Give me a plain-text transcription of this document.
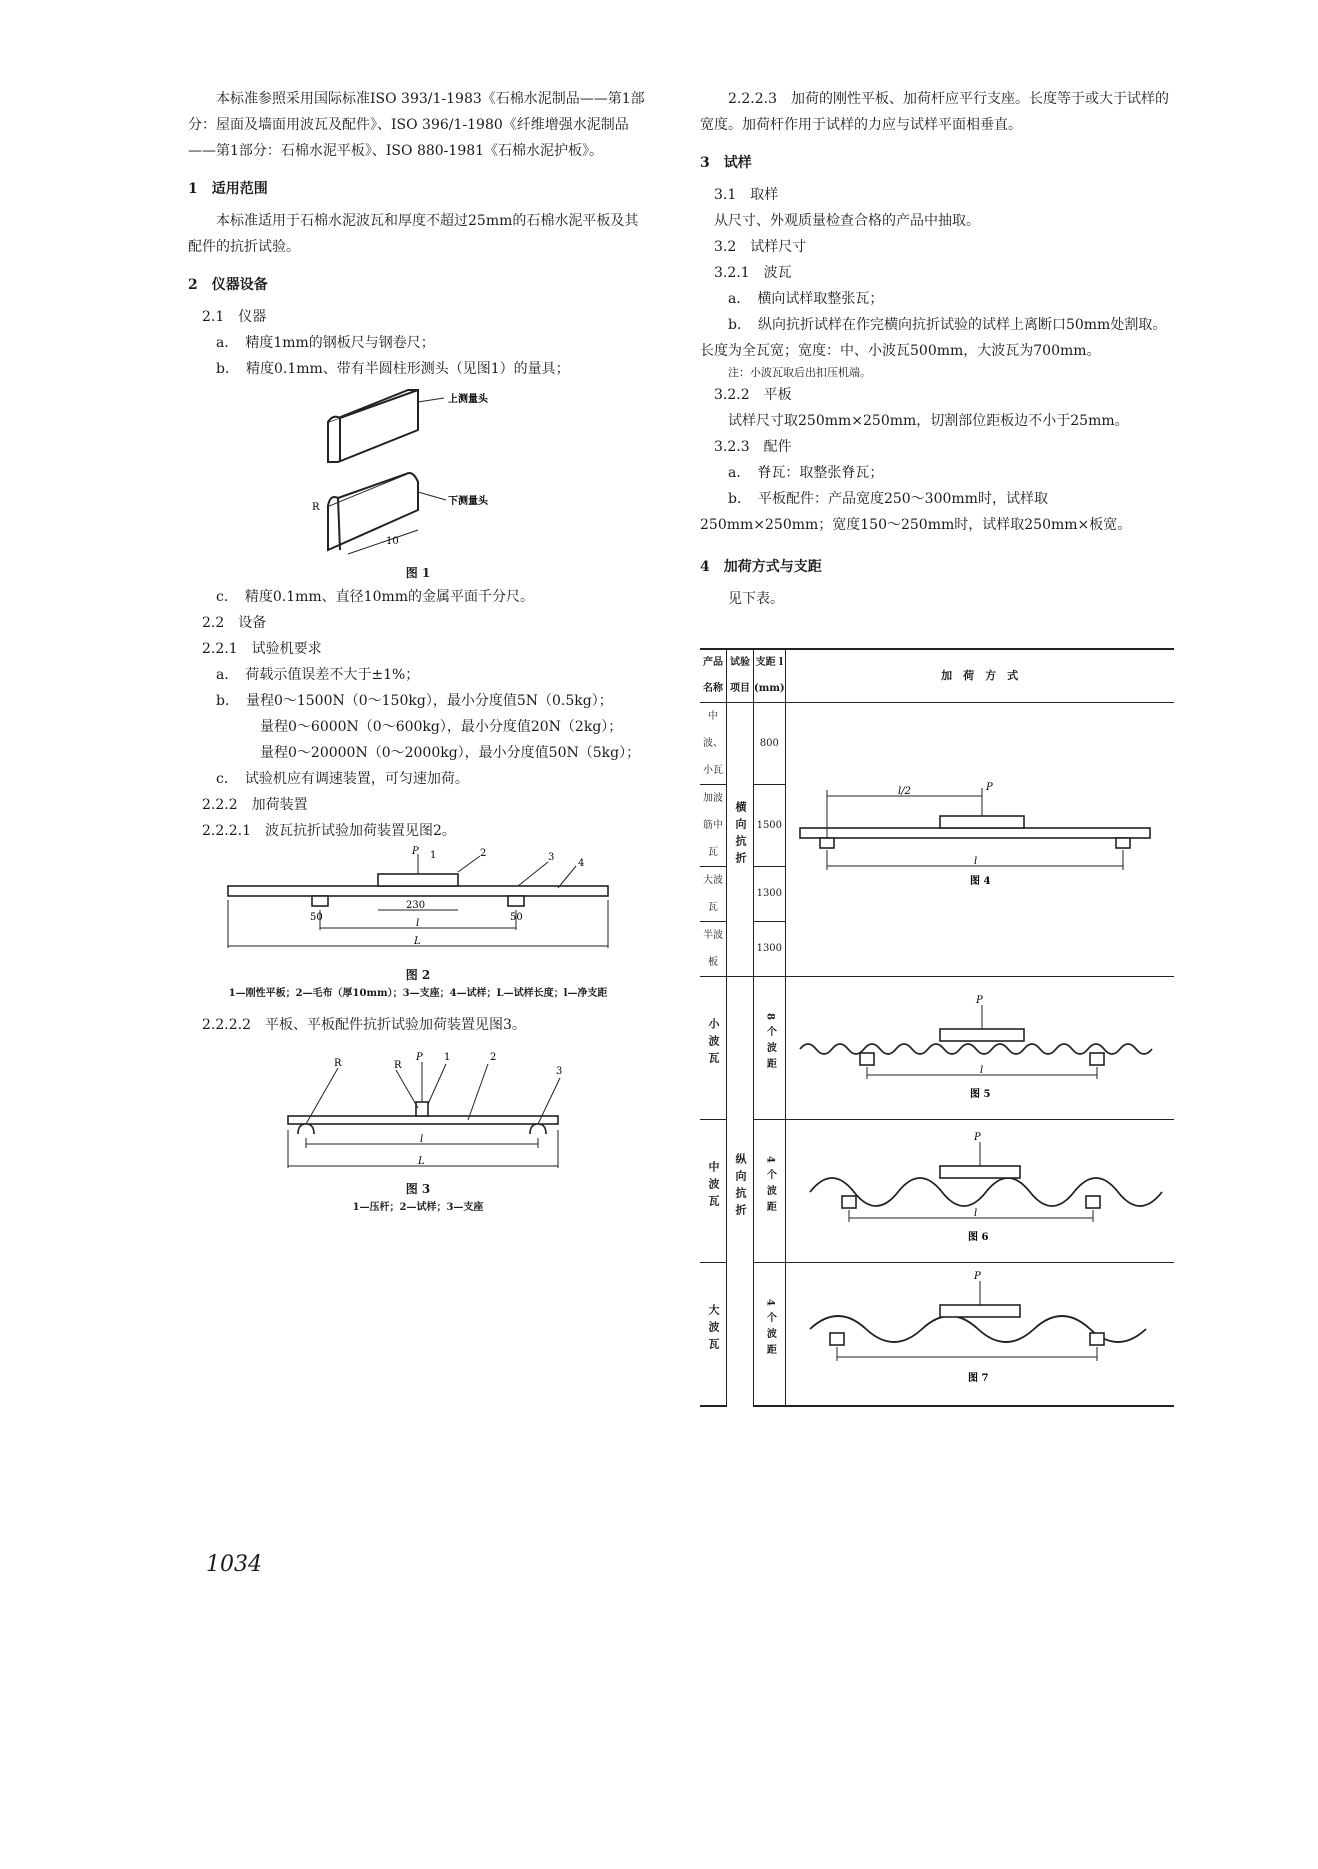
本标准参照采用国际标准ISO 393/1-1983《石棉水泥制品——第1部分：屋面及墙面用波瓦及配件》、ISO 396/1-1980《纤维增强水泥制品——第1部分：石棉水泥平板》、ISO 880-1981《石棉水泥护板》。

1　适用范围

本标准适用于石棉水泥波瓦和厚度不超过25mm的石棉水泥平板及其配件的抗折试验。

2　仪器设备

2.1　仪器

a．　精度1mm的钢板尺与钢卷尺；

b．　精度0.1mm、带有半圆柱形测头（见图1）的量具；

上测量头
下测量头
R
10

图 1

c．　精度0.1mm、直径10mm的金属平面千分尺。

2.2　设备

2.2.1　试验机要求

a．　荷载示值误差不大于±1%；

b．　量程0～1500N（0～150kg），最小分度值5N（0.5kg）；

量程0～6000N（0～600kg），最小分度值20N（2kg）；

量程0～20000N（0～2000kg），最小分度值50N（5kg）；

c．　试验机应有调速装置，可匀速加荷。

2.2.2　加荷装置

2.2.2.1　波瓦抗折试验加荷装置见图2。

P 1	2	3
4
50
230
50
l
L

图 2

1—刚性平板；2—毛布（厚10mm）；3—支座；4—试样；L—试样长度；l—净支距

2.2.2.2　平板、平板配件抗折试验加荷装置见图3。

P 1	2
3
R	R
l
L

图 3

1—压杆；2—试样；3—支座

2.2.2.3　加荷的刚性平板、加荷杆应平行支座。长度等于或大于试样的宽度。加荷杆作用于试样的力应与试样平面相垂直。

3　试样

3.1　取样

从尺寸、外观质量检查合格的产品中抽取。

3.2　试样尺寸

3.2.1　波瓦

a．　横向试样取整张瓦；

b．　纵向抗折试样在作完横向抗折试验的试样上离断口50mm处割取。长度为全瓦宽；宽度：中、小波瓦500mm，大波瓦为700mm。

注：小波瓦取后出扣压机端。

3.2.2　平板

试样尺寸取250mm×250mm，切割部位距板边不小于25mm。

3.2.3　配件

a．　脊瓦：取整张脊瓦；

b．　平板配件：产品宽度250～300mm时，试样取250mm×250mm；宽度150～250mm时，试样取250mm×板宽。

4　加荷方式与支距

见下表。

产品名称	试验项目	支距 l (mm)	加　荷　方　式
中波、小瓦	横向抗折	800	P
l/2
l
图 4

加波筋中瓦		1500	
大波瓦		1300	
半波板		1300	
小波瓦	纵向抗折	8个波距	P
l
图 5

中波瓦		4个波距	P
l
图 6

大波瓦		4个波距	P
图 7
1034
